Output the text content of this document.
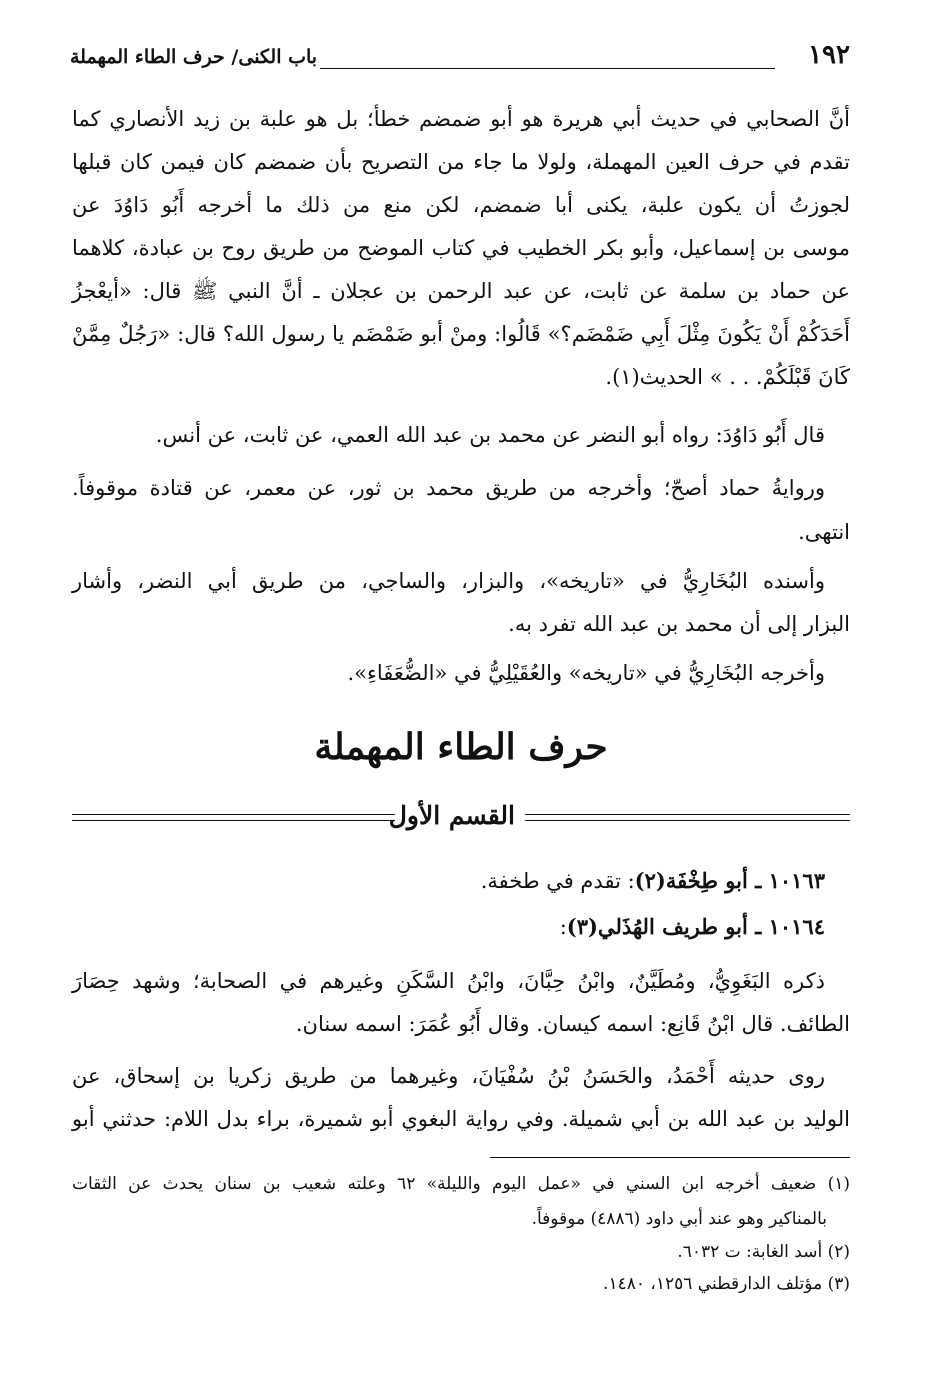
١٩٢
باب الكنى/ حرف الطاء المهملة
أنَّ الصحابي في حديث أبي هريرة هو أبو ضمضم خطأ؛ بل هو علبة بن زيد الأنصاري كما
تقدم في حرف العين المهملة، ولولا ما جاء من التصريح بأن ضمضم كان فيمن كان قبلها
لجوزتُ أن يكون علبة، يكنى أبا ضمضم، لكن منع من ذلك ما أخرجه أَبُو دَاوُدَ عن
موسى بن إسماعيل، وأبو بكر الخطيب في كتاب الموضح من طريق روح بن عبادة، كلاهما
عن حماد بن سلمة عن ثابت، عن عبد الرحمن بن عجلان ـ أنَّ النبي ﷺ قال: «أيعْجزُ
أَحَدَكُمْ أَنْ يَكُونَ مِثْلَ أَبِي ضَمْضَم؟» قَالُوا: ومنْ أبو ضَمْضَم يا رسول الله؟ قال: «رَجُلٌ مِمَّنْ
كَانَ قَبْلَكُمْ. . . » الحديث(١).
قال أَبُو دَاوُدَ: رواه أبو النضر عن محمد بن عبد الله العمي، عن ثابت، عن أنس.
وروايةُ حماد أصحّ؛ وأخرجه من طريق محمد بن ثور، عن معمر، عن قتادة موقوفاً.
انتهى.
وأسنده البُخَارِيُّ في «تاريخه»، والبزار، والساجي، من طريق أبي النضر، وأشار
البزار إلى أن محمد بن عبد الله تفرد به.
وأخرجه البُخَارِيُّ في «تاريخه» والعُقَيْلِيُّ في «الضُّعَفَاءِ».
حرف الطاء المهملة
القسم الأول
١٠١٦٣ ـ أبو طِخْفَة(٢): تقدم في طخفة.
١٠١٦٤ ـ أبو طريف الهُذَلي(٣):
ذكره البَغَوِيُّ، ومُطَيَّنٌ، وابْنُ حِبَّانَ، وابْنُ السَّكَنِ وغيرهم في الصحابة؛ وشهد حِصَارَ
الطائف. قال ابْنُ قَانِع: اسمه كيسان. وقال أَبُو عُمَرَ: اسمه سنان.
روى حديثه أَحْمَدُ، والحَسَنُ بْنُ سُفْيَانَ، وغيرهما من طريق زكريا بن إسحاق، عن
الوليد بن عبد الله بن أبي شميلة. وفي رواية البغوي أبو شميرة، براء بدل اللام: حدثني أبو
(١) ضعيف أخرجه ابن السني في «عمل اليوم والليلة» ٦٢ وعلته شعيب بن سنان يحدث عن الثقات
بالمناكير وهو عند أبي داود (٤٨٨٦) موقوفاً.
(٢) أسد الغابة: ت ٦٠٣٢.
(٣) مؤتلف الدارقطني ١٢٥٦، ١٤٨٠.
